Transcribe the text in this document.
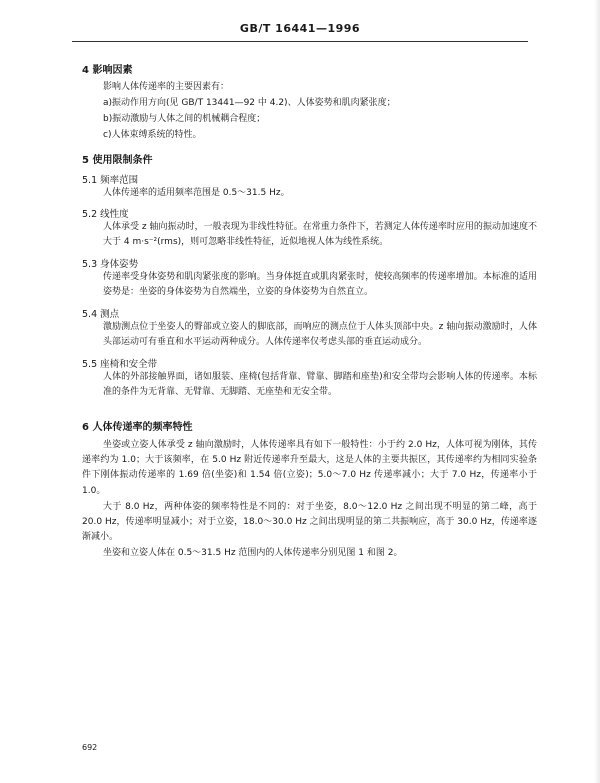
GB/T 16441—1996
4 影响因素
影响人体传递率的主要因素有：
a)振动作用方向(见 GB/T 13441—92 中 4.2)、人体姿势和肌肉紧张度；
b)振动激励与人体之间的机械耦合程度；
c)人体束缚系统的特性。
5 使用限制条件
5.1 频率范围
人体传递率的适用频率范围是 0.5～31.5 Hz。
5.2 线性度
人体承受 z 轴向振动时，一般表现为非线性特征。在常重力条件下，若测定人体传递率时应用的振动加速度不大于 4 m·s⁻²(rms)，则可忽略非线性特征，近似地视人体为线性系统。
5.3 身体姿势
传递率受身体姿势和肌肉紧张度的影响。当身体挺直或肌肉紧张时，使较高频率的传递率增加。本标准的适用姿势是：坐姿的身体姿势为自然端坐，立姿的身体姿势为自然直立。
5.4 测点
激励测点位于坐姿人的臀部或立姿人的脚底部，而响应的测点位于人体头顶部中央。z 轴向振动激励时，人体头部运动可有垂直和水平运动两种成分。人体传递率仅考虑头部的垂直运动成分。
5.5 座椅和安全带
人体的外部接触界面，诸如服装、座椅(包括背靠、臂靠、脚踏和座垫)和安全带均会影响人体的传递率。本标准的条件为无背靠、无臂靠、无脚踏、无座垫和无安全带。
6 人体传递率的频率特性
坐姿或立姿人体承受 z 轴向激励时，人体传递率具有如下一般特性：小于约 2.0 Hz，人体可视为刚体，其传递率约为 1.0；大于该频率，在 5.0 Hz 附近传递率升至最大，这是人体的主要共振区，其传递率约为相同实验条件下刚体振动传递率的 1.69 倍(坐姿)和 1.54 倍(立姿)；5.0～7.0 Hz 传递率减小；大于 7.0 Hz，传递率小于 1.0。
大于 8.0 Hz，两种体姿的频率特性是不同的：对于坐姿，8.0～12.0 Hz 之间出现不明显的第二峰，高于 20.0 Hz，传递率明显减小；对于立姿，18.0～30.0 Hz 之间出现明显的第二共振响应，高于 30.0 Hz，传递率逐渐减小。
坐姿和立姿人体在 0.5～31.5 Hz 范围内的人体传递率分别见图 1 和图 2。
692
